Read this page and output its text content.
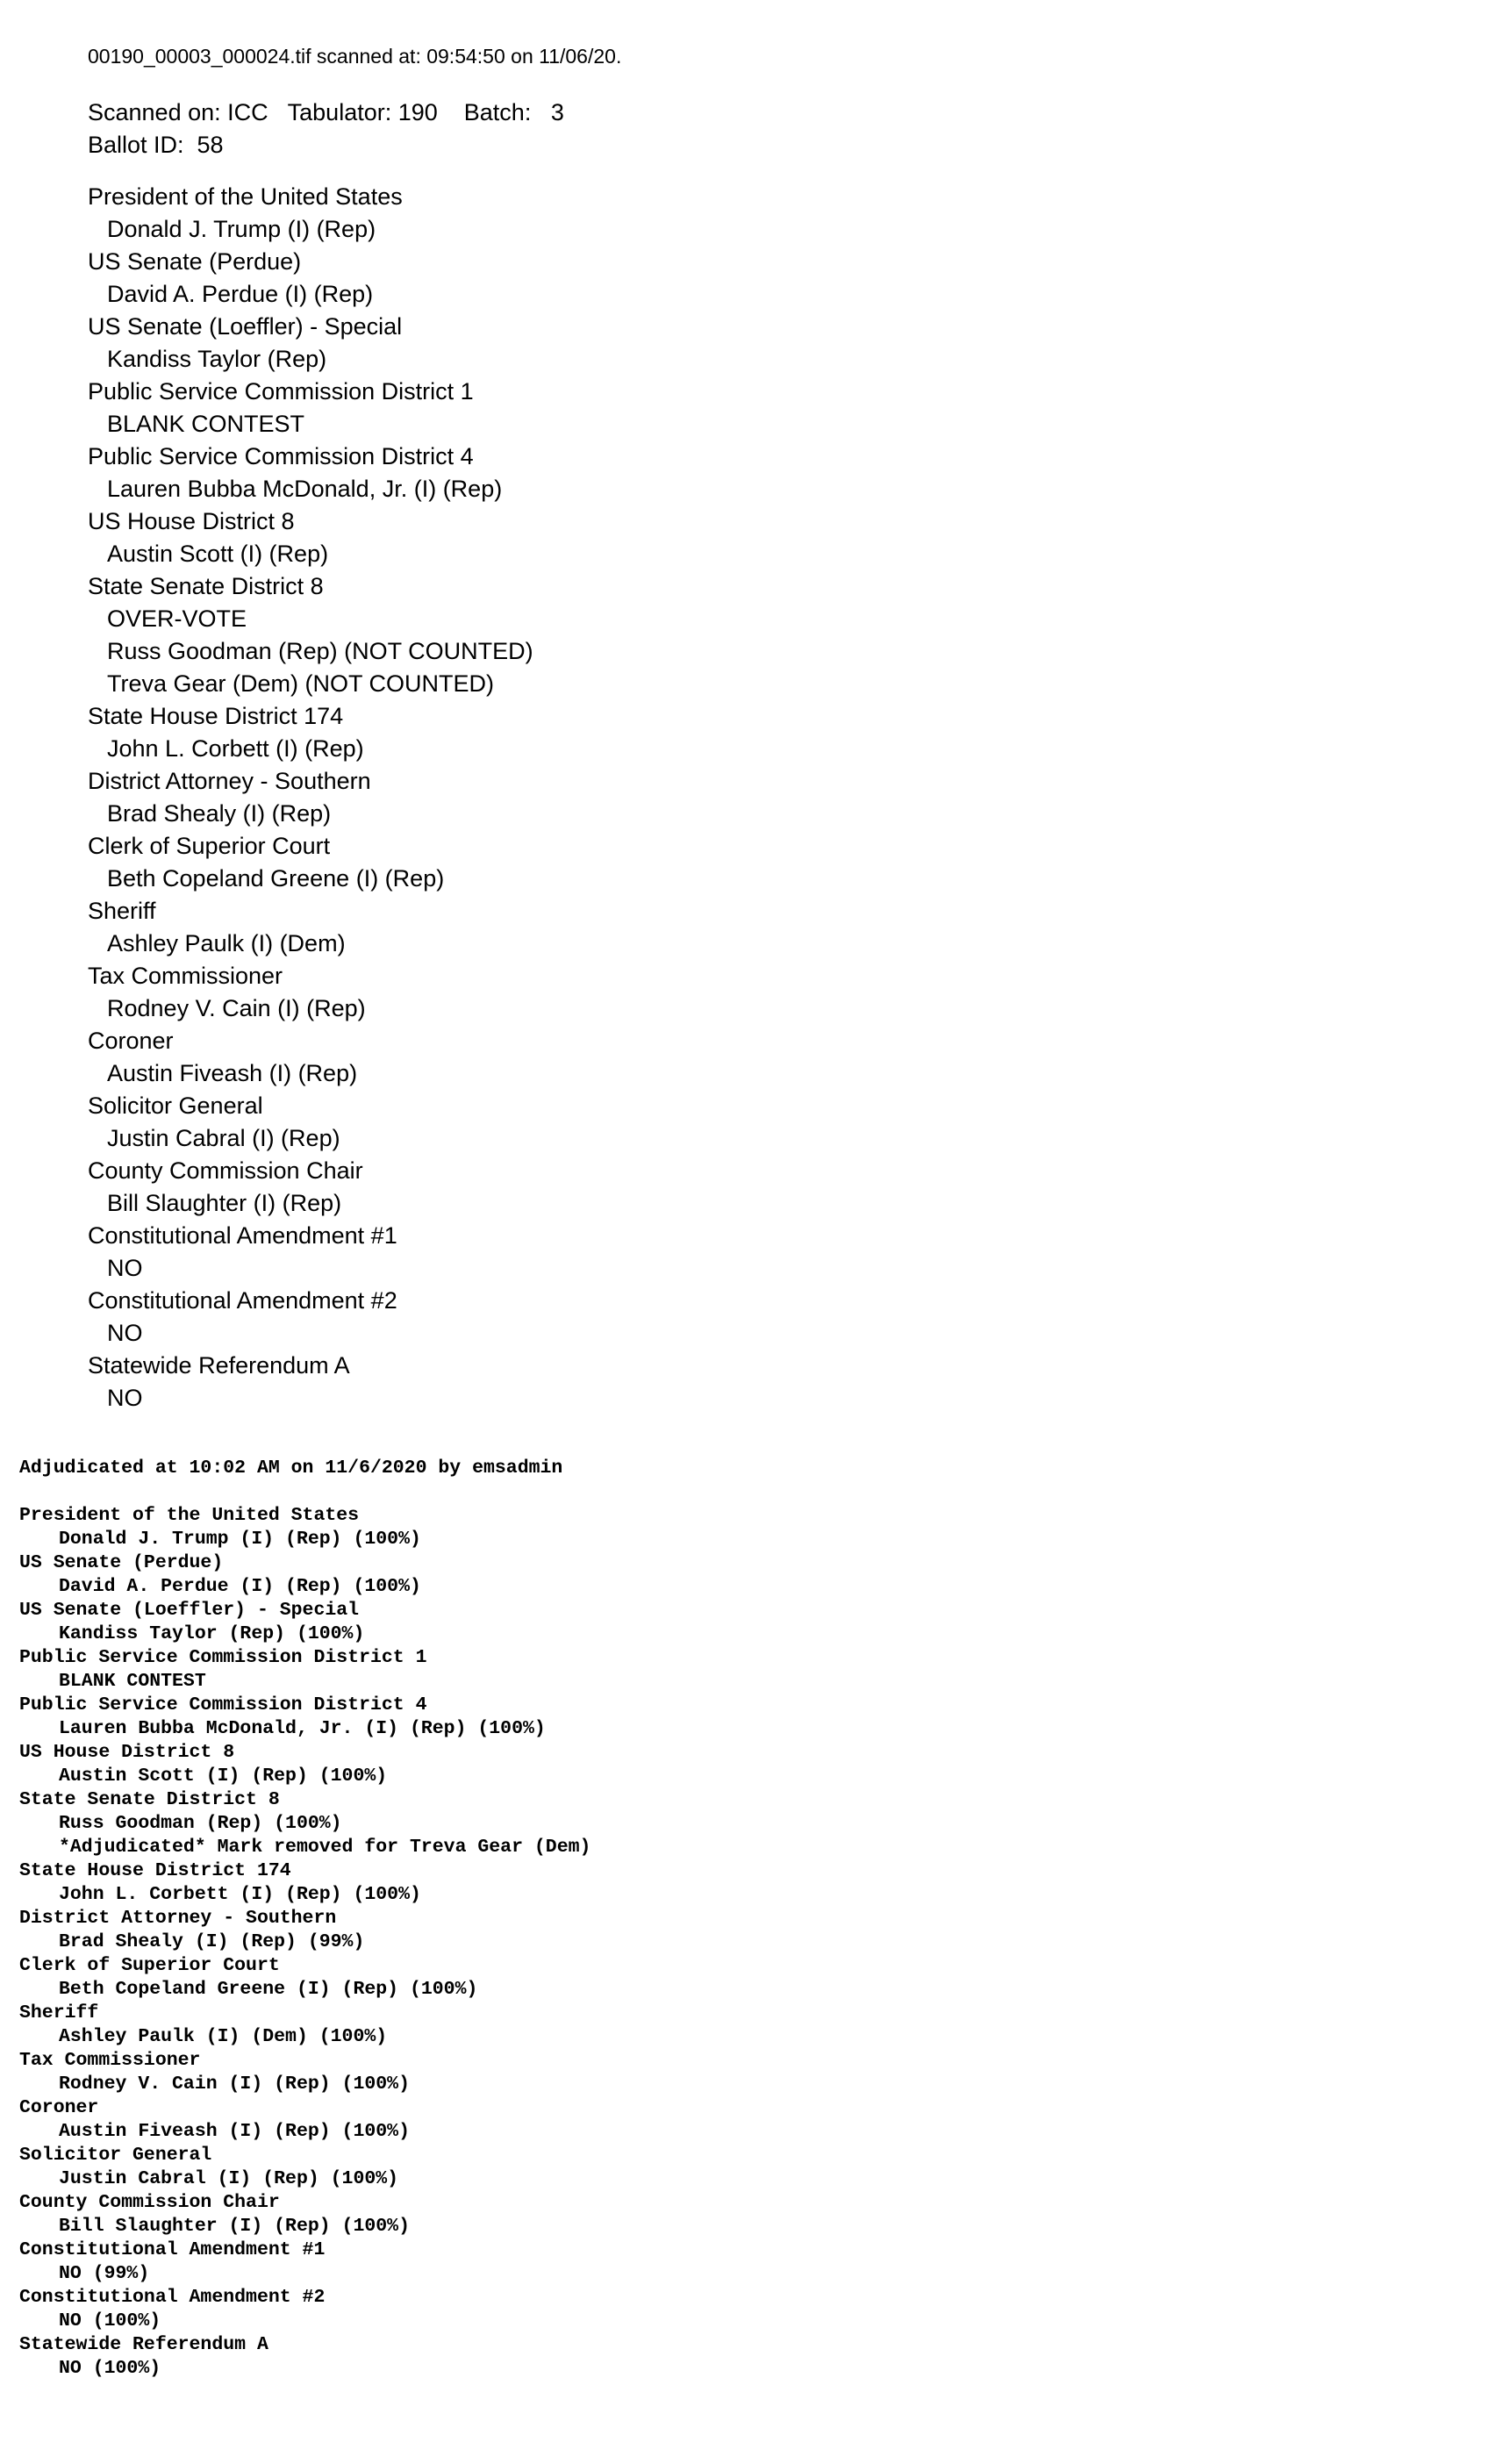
00190_00003_000024.tif scanned at: 09:54:50 on 11/06/20.
Scanned on: ICC   Tabulator: 190    Batch:   3
Ballot ID:  58
President of the United States
Donald J. Trump (I) (Rep)
US Senate (Perdue)
David A. Perdue (I) (Rep)
US Senate (Loeffler) - Special
Kandiss Taylor (Rep)
Public Service Commission District 1
BLANK CONTEST
Public Service Commission District 4
Lauren Bubba McDonald, Jr. (I) (Rep)
US House District 8
Austin Scott (I) (Rep)
State Senate District 8
OVER-VOTE
Russ Goodman (Rep) (NOT COUNTED)
Treva Gear (Dem) (NOT COUNTED)
State House District 174
John L. Corbett (I) (Rep)
District Attorney - Southern
Brad Shealy (I) (Rep)
Clerk of Superior Court
Beth Copeland Greene (I) (Rep)
Sheriff
Ashley Paulk (I) (Dem)
Tax Commissioner
Rodney V. Cain (I) (Rep)
Coroner
Austin Fiveash (I) (Rep)
Solicitor General
Justin Cabral (I) (Rep)
County Commission Chair
Bill Slaughter (I) (Rep)
Constitutional Amendment #1
NO
Constitutional Amendment #2
NO
Statewide Referendum A
NO
Adjudicated at 10:02 AM on 11/6/2020 by emsadmin
President of the United States
Donald J. Trump (I) (Rep) (100%)
US Senate (Perdue)
David A. Perdue (I) (Rep) (100%)
US Senate (Loeffler) - Special
Kandiss Taylor (Rep) (100%)
Public Service Commission District 1
BLANK CONTEST
Public Service Commission District 4
Lauren Bubba McDonald, Jr. (I) (Rep) (100%)
US House District 8
Austin Scott (I) (Rep) (100%)
State Senate District 8
Russ Goodman (Rep) (100%)
*Adjudicated* Mark removed for Treva Gear (Dem)
State House District 174
John L. Corbett (I) (Rep) (100%)
District Attorney - Southern
Brad Shealy (I) (Rep) (99%)
Clerk of Superior Court
Beth Copeland Greene (I) (Rep) (100%)
Sheriff
Ashley Paulk (I) (Dem) (100%)
Tax Commissioner
Rodney V. Cain (I) (Rep) (100%)
Coroner
Austin Fiveash (I) (Rep) (100%)
Solicitor General
Justin Cabral (I) (Rep) (100%)
County Commission Chair
Bill Slaughter (I) (Rep) (100%)
Constitutional Amendment #1
NO (99%)
Constitutional Amendment #2
NO (100%)
Statewide Referendum A
NO (100%)
